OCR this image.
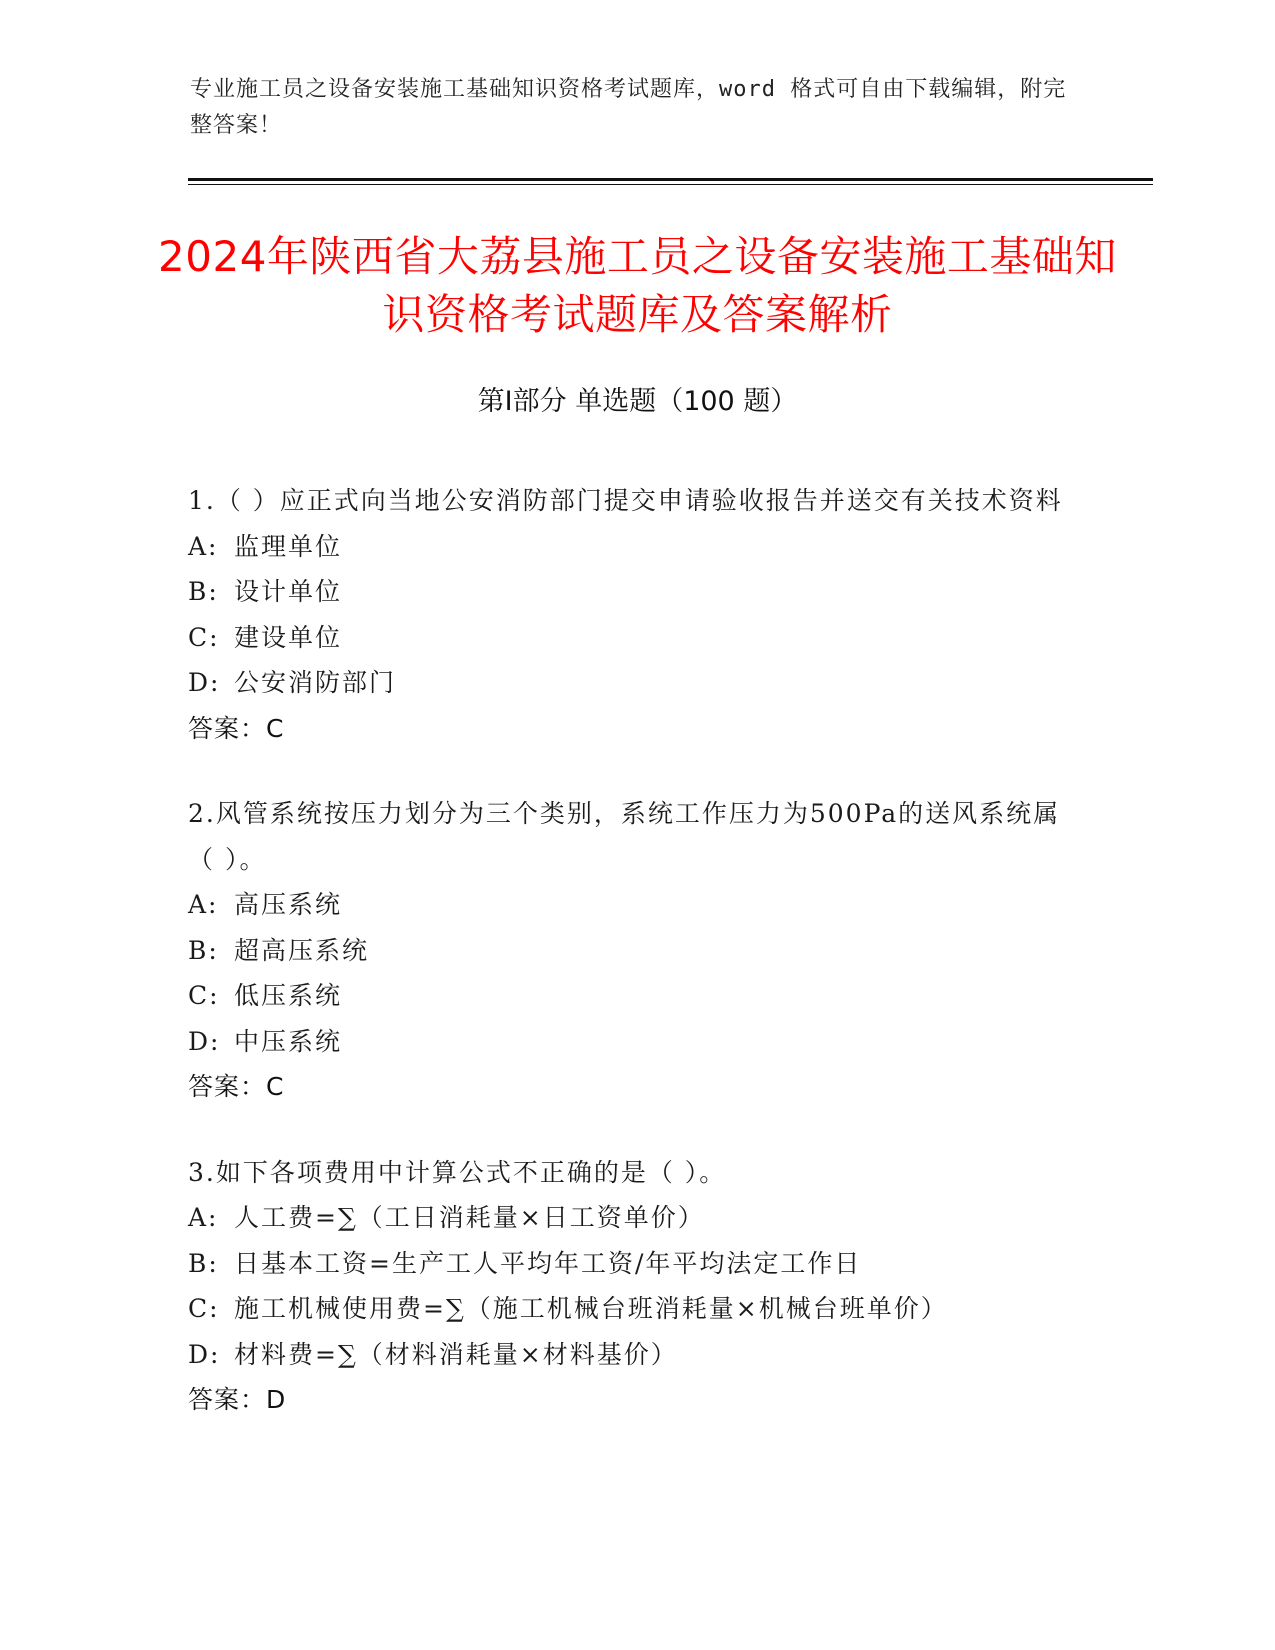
专业施工员之设备安装施工基础知识资格考试题库，word 格式可自由下载编辑，附完整答案！
2024年陕西省大荔县施工员之设备安装施工基础知识资格考试题库及答案解析
第Ⅰ部分 单选题（100 题）
1.（ ）应正式向当地公安消防部门提交申请验收报告并送交有关技术资料
A: 监理单位
B: 设计单位
C: 建设单位
D: 公安消防部门
答案：C
2.风管系统按压力划分为三个类别，系统工作压力为500Pa的送风系统属（ ）。
A: 高压系统
B: 超高压系统
C: 低压系统
D: 中压系统
答案：C
3.如下各项费用中计算公式不正确的是（ ）。
A: 人工费=∑（工日消耗量×日工资单价）
B: 日基本工资=生产工人平均年工资/年平均法定工作日
C: 施工机械使用费=∑（施工机械台班消耗量×机械台班单价）
D: 材料费=∑（材料消耗量×材料基价）
答案：D
